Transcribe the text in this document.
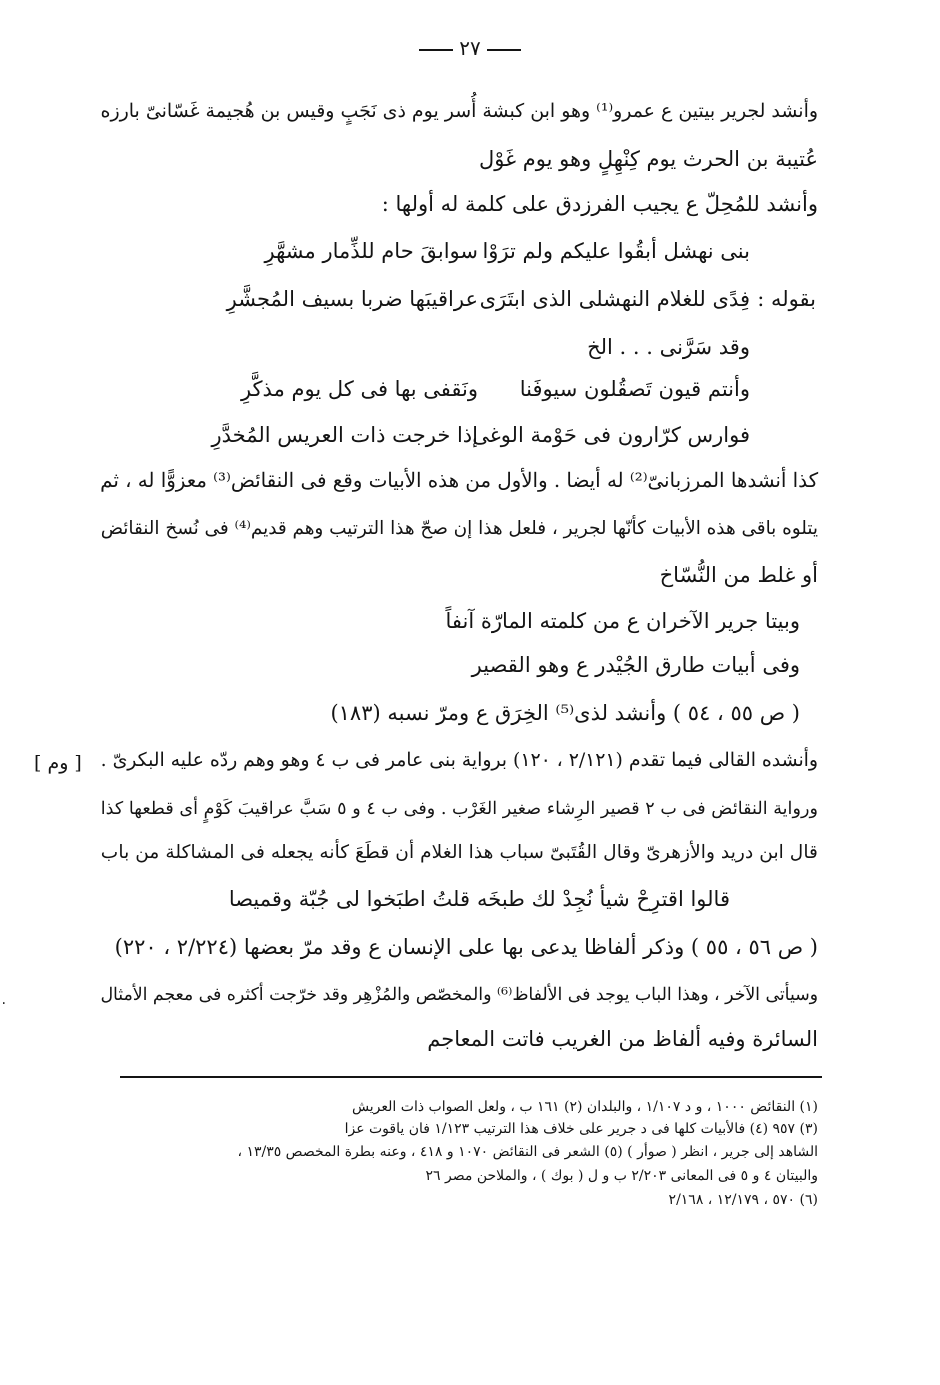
٢٧
وأنشد لجرير بيتين ع عمرو⁽¹⁾ وهو ابن كبشة أُسر يوم ذى نَجَبٍ وقيس بن هُجيمة غَسّانىّ بارزه
عُتيبة بن الحرث يوم كِنْهِلٍ وهو يوم غَوْل
وأنشد للمُحِلّ ع يجيب الفرزدق على كلمة له أولها :
بنى نهشل أبقُوا عليكم ولم ترَوْا
سوابقَ حام للذِّمار مشهَّرِ
بقوله :
فِدًى للغلام النهشلى الذى ابتَرَى
عراقيبَها ضربا بسيف المُجشَّرِ
وقد سَرَّنى . . . الخ
وأنتم قيون تَصقُلون سيوفَنا
ونَقفى بها فى كل يوم مذكَّرِ
فوارس كرّارون فى حَوْمة الوغى
إذا خرجت ذات العريس المُخدَّرِ
كذا أنشدها المرزبانىّ⁽²⁾ له أيضا . والأول من هذه الأبيات وقع فى النقائض⁽³⁾ معزوًّا له ، ثم
يتلوه باقى هذه الأبيات كأنّها لجرير ، فلعل هذا إن صحّ هذا الترتيب وهم قديم⁽⁴⁾ فى نُسخ النقائض
أو غلط من النُّسّاخ
وبيتا جرير الآخران ع من كلمته المارّة آنفاً
وفى أبيات طارق الجُيْدر ع وهو القصير
( ص ٥٥ ، ٥٤ ) وأنشد لذى⁽⁵⁾ الخِرَق ع ومرّ نسبه (١٨٣)
[ وم ] وأنشده القالى فيما تقدم (٢/١٢١ ، ١٢٠) برواية بنى عامر فى ب ٤ وهو وهم ردّه عليه البكرىّ .
ورواية النقائض فى ب ٢ قصير الرِشاء صغير الغَرْب . وفى ب ٤ و ٥ سَبَّ عراقيبَ كَوْمٍ أى قطعها كذا
قال ابن دريد والأزهرىّ وقال القُتَبىّ سباب هذا الغلام أن قطَعَ كأنه يجعله فى المشاكلة من باب
قالوا اقترِحْ شيأ نُجِدْ لك طبخَه
قلتُ اطبَخوا لى جُبّة وقميصا
( ص ٥٦ ، ٥٥ ) وذكر ألفاظا يدعى بها على الإنسان ع وقد مرّ بعضها (٢/٢٢٤ ، ٢٢٠)
وسيأتى الآخر ، وهذا الباب يوجد فى الألفاظ⁽⁶⁾ والمخصّص والمُزْهِر وقد خرّجت أكثره فى معجم الأمثال
السائرة وفيه ألفاظ من الغريب فاتت المعاجم
٠
(١) النقائض ١٠٠٠ ، و د ١/١٠٧ ، والبلدان (٢) ١٦١ ب ، ولعل الصواب ذات العريش
(٣) ٩٥٧ (٤) فالأبيات كلها فى د جرير على خلاف هذا الترتيب ١/١٢٣ فان ياقوت عزا
الشاهد إلى جرير ، انظر ( صوأر ) (٥) الشعر فى النقائض ١٠٧٠ و ٤١٨ ، وعنه بطرة المخصص ١٣/٣٥ ،
والبيتان ٤ و ٥ فى المعانى ٢/٢٠٣ ب و ل ( بوك ) ، والملاحن مصر ٢٦
(٦) ٥٧٠ ، ١٢/١٧٩ ، ٢/١٦٨
